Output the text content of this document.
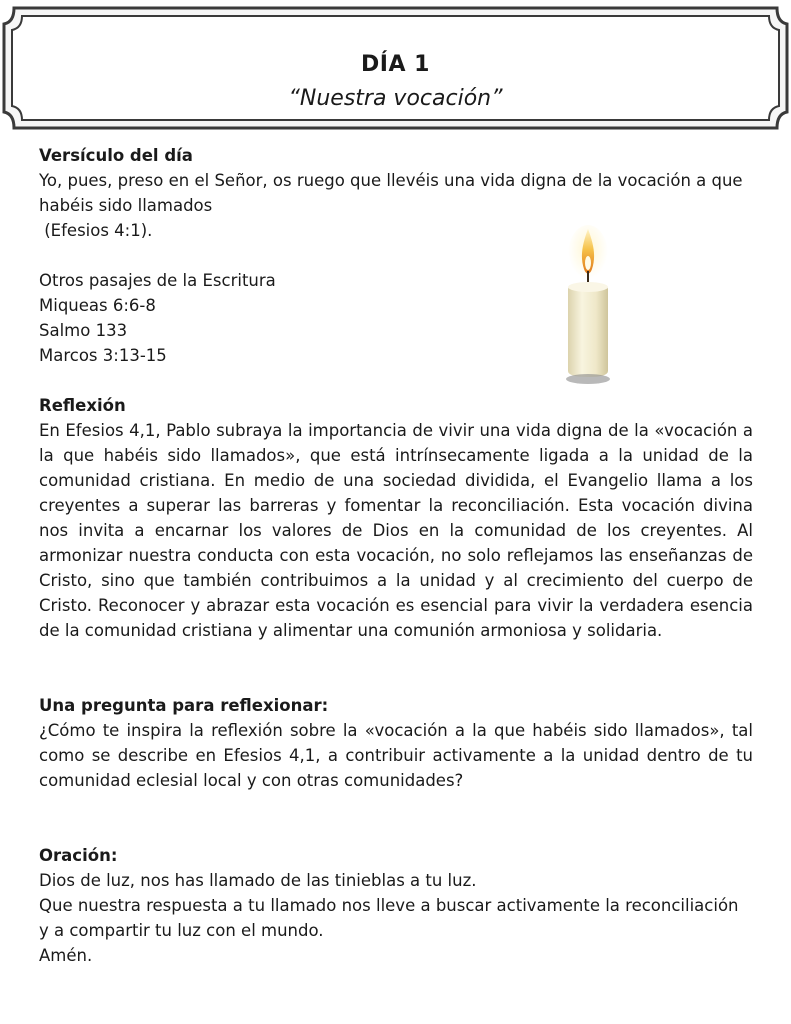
DÍA 1
“Nuestra vocación”
Versículo del día
Yo, pues, preso en el Señor, os ruego que llevéis una vida digna de la vocación a que
habéis sido llamados
(Efesios 4:1).
Otros pasajes de la Escritura
Miqueas 6:6-8
Salmo 133
Marcos 3:13-15
Reflexión
En Efesios 4,1, Pablo subraya la importancia de vivir una vida digna de la «vocación a la que habéis sido llamados», que está intrínsecamente ligada a la unidad de la comunidad cristiana. En medio de una sociedad dividida, el Evangelio llama a los creyentes a superar las barreras y fomentar la reconciliación. Esta vocación divina nos invita a encarnar los valores de Dios en la comunidad de los creyentes. Al armonizar nuestra conducta con esta vocación, no solo reflejamos las enseñanzas de Cristo, sino que también contribuimos a la unidad y al crecimiento del cuerpo de Cristo. Reconocer y abrazar esta vocación es esencial para vivir la verdadera esencia de la comunidad cristiana y alimentar una comunión armoniosa y solidaria.
Una pregunta para reflexionar:
¿Cómo te inspira la reflexión sobre la «vocación a la que habéis sido llamados», tal como se describe en Efesios 4,1, a contribuir activamente a la unidad dentro de tu comunidad eclesial local y con otras comunidades?
Oración:
Dios de luz, nos has llamado de las tinieblas a tu luz.
Que nuestra respuesta a tu llamado nos lleve a buscar activamente la reconciliación
y a compartir tu luz con el mundo.
Amén.
